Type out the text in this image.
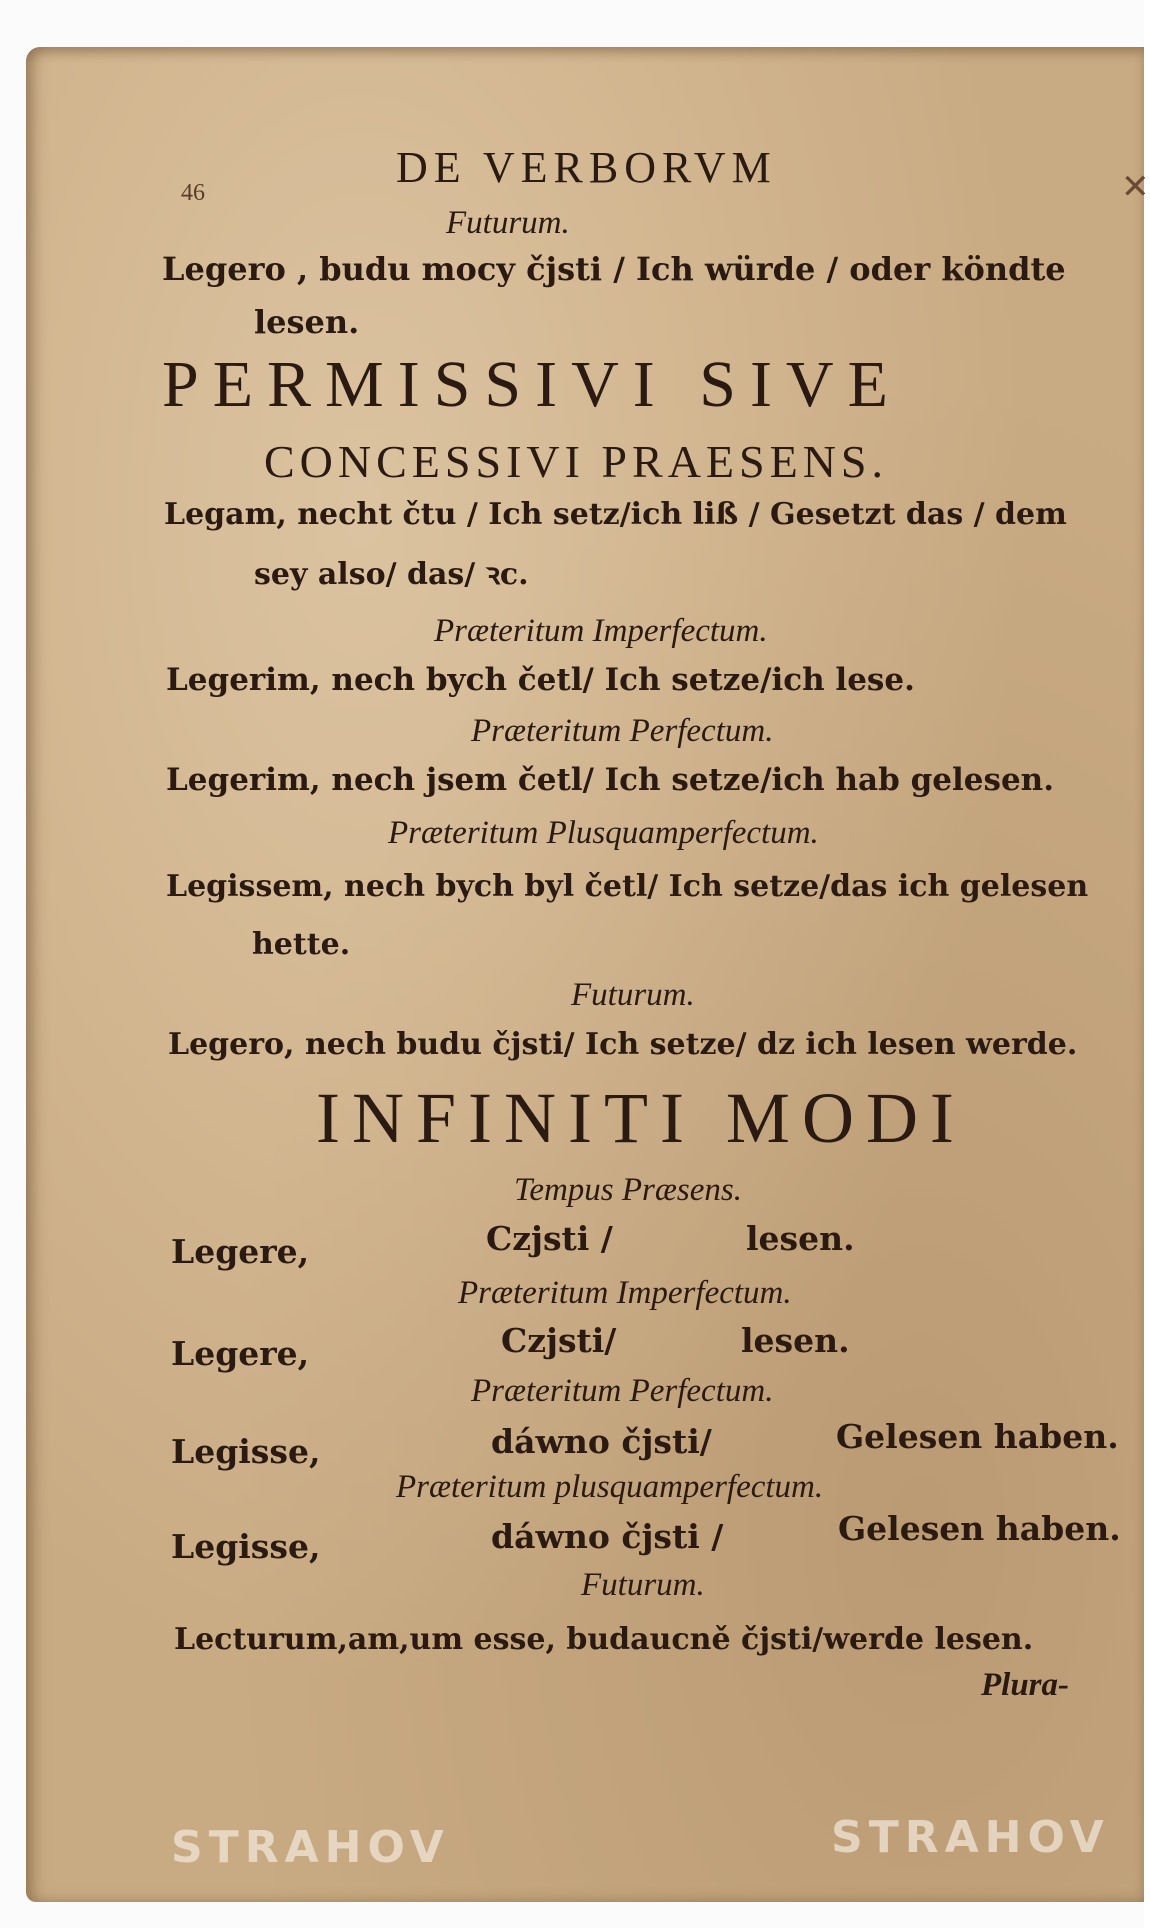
46
DE VERBORVM
Futurum.
Legero , budu mocy čjsti / Ich würde / oder köndte
lesen.
PERMISSIVI SIVE
CONCESSIVI PRAESENS.
Legam, necht čtu / Ich setz/ich liß / Gesetzt das / dem
sey also/ das/ ꝛc.
Præteritum Imperfectum.
Legerim, nech bych četl/ Ich setze/ich lese.
Præteritum Perfectum.
Legerim, nech jsem četl/ Ich setze/ich hab gelesen.
Præteritum Plusquamperfectum.
Legissem, nech bych byl četl/ Ich setze/das ich gelesen
hette.
Futurum.
Legero, nech budu čjsti/ Ich setze/ dz ich lesen werde.
INFINITI MODI
Tempus Præsens.
Legere,	Czjsti /	lesen.
Præteritum Imperfectum.
Legere,	Czjsti/	lesen.
Præteritum Perfectum.
Legisse,	dáwno čjsti/	Gelesen haben.
Præteritum plusquamperfectum.
Legisse,	dáwno čjsti /	Gelesen haben.
Futurum.
Lecturum,am,um esse, budaucně čjsti/werde lesen.
Plura-
STRAHOV	STRAHOV
✕
